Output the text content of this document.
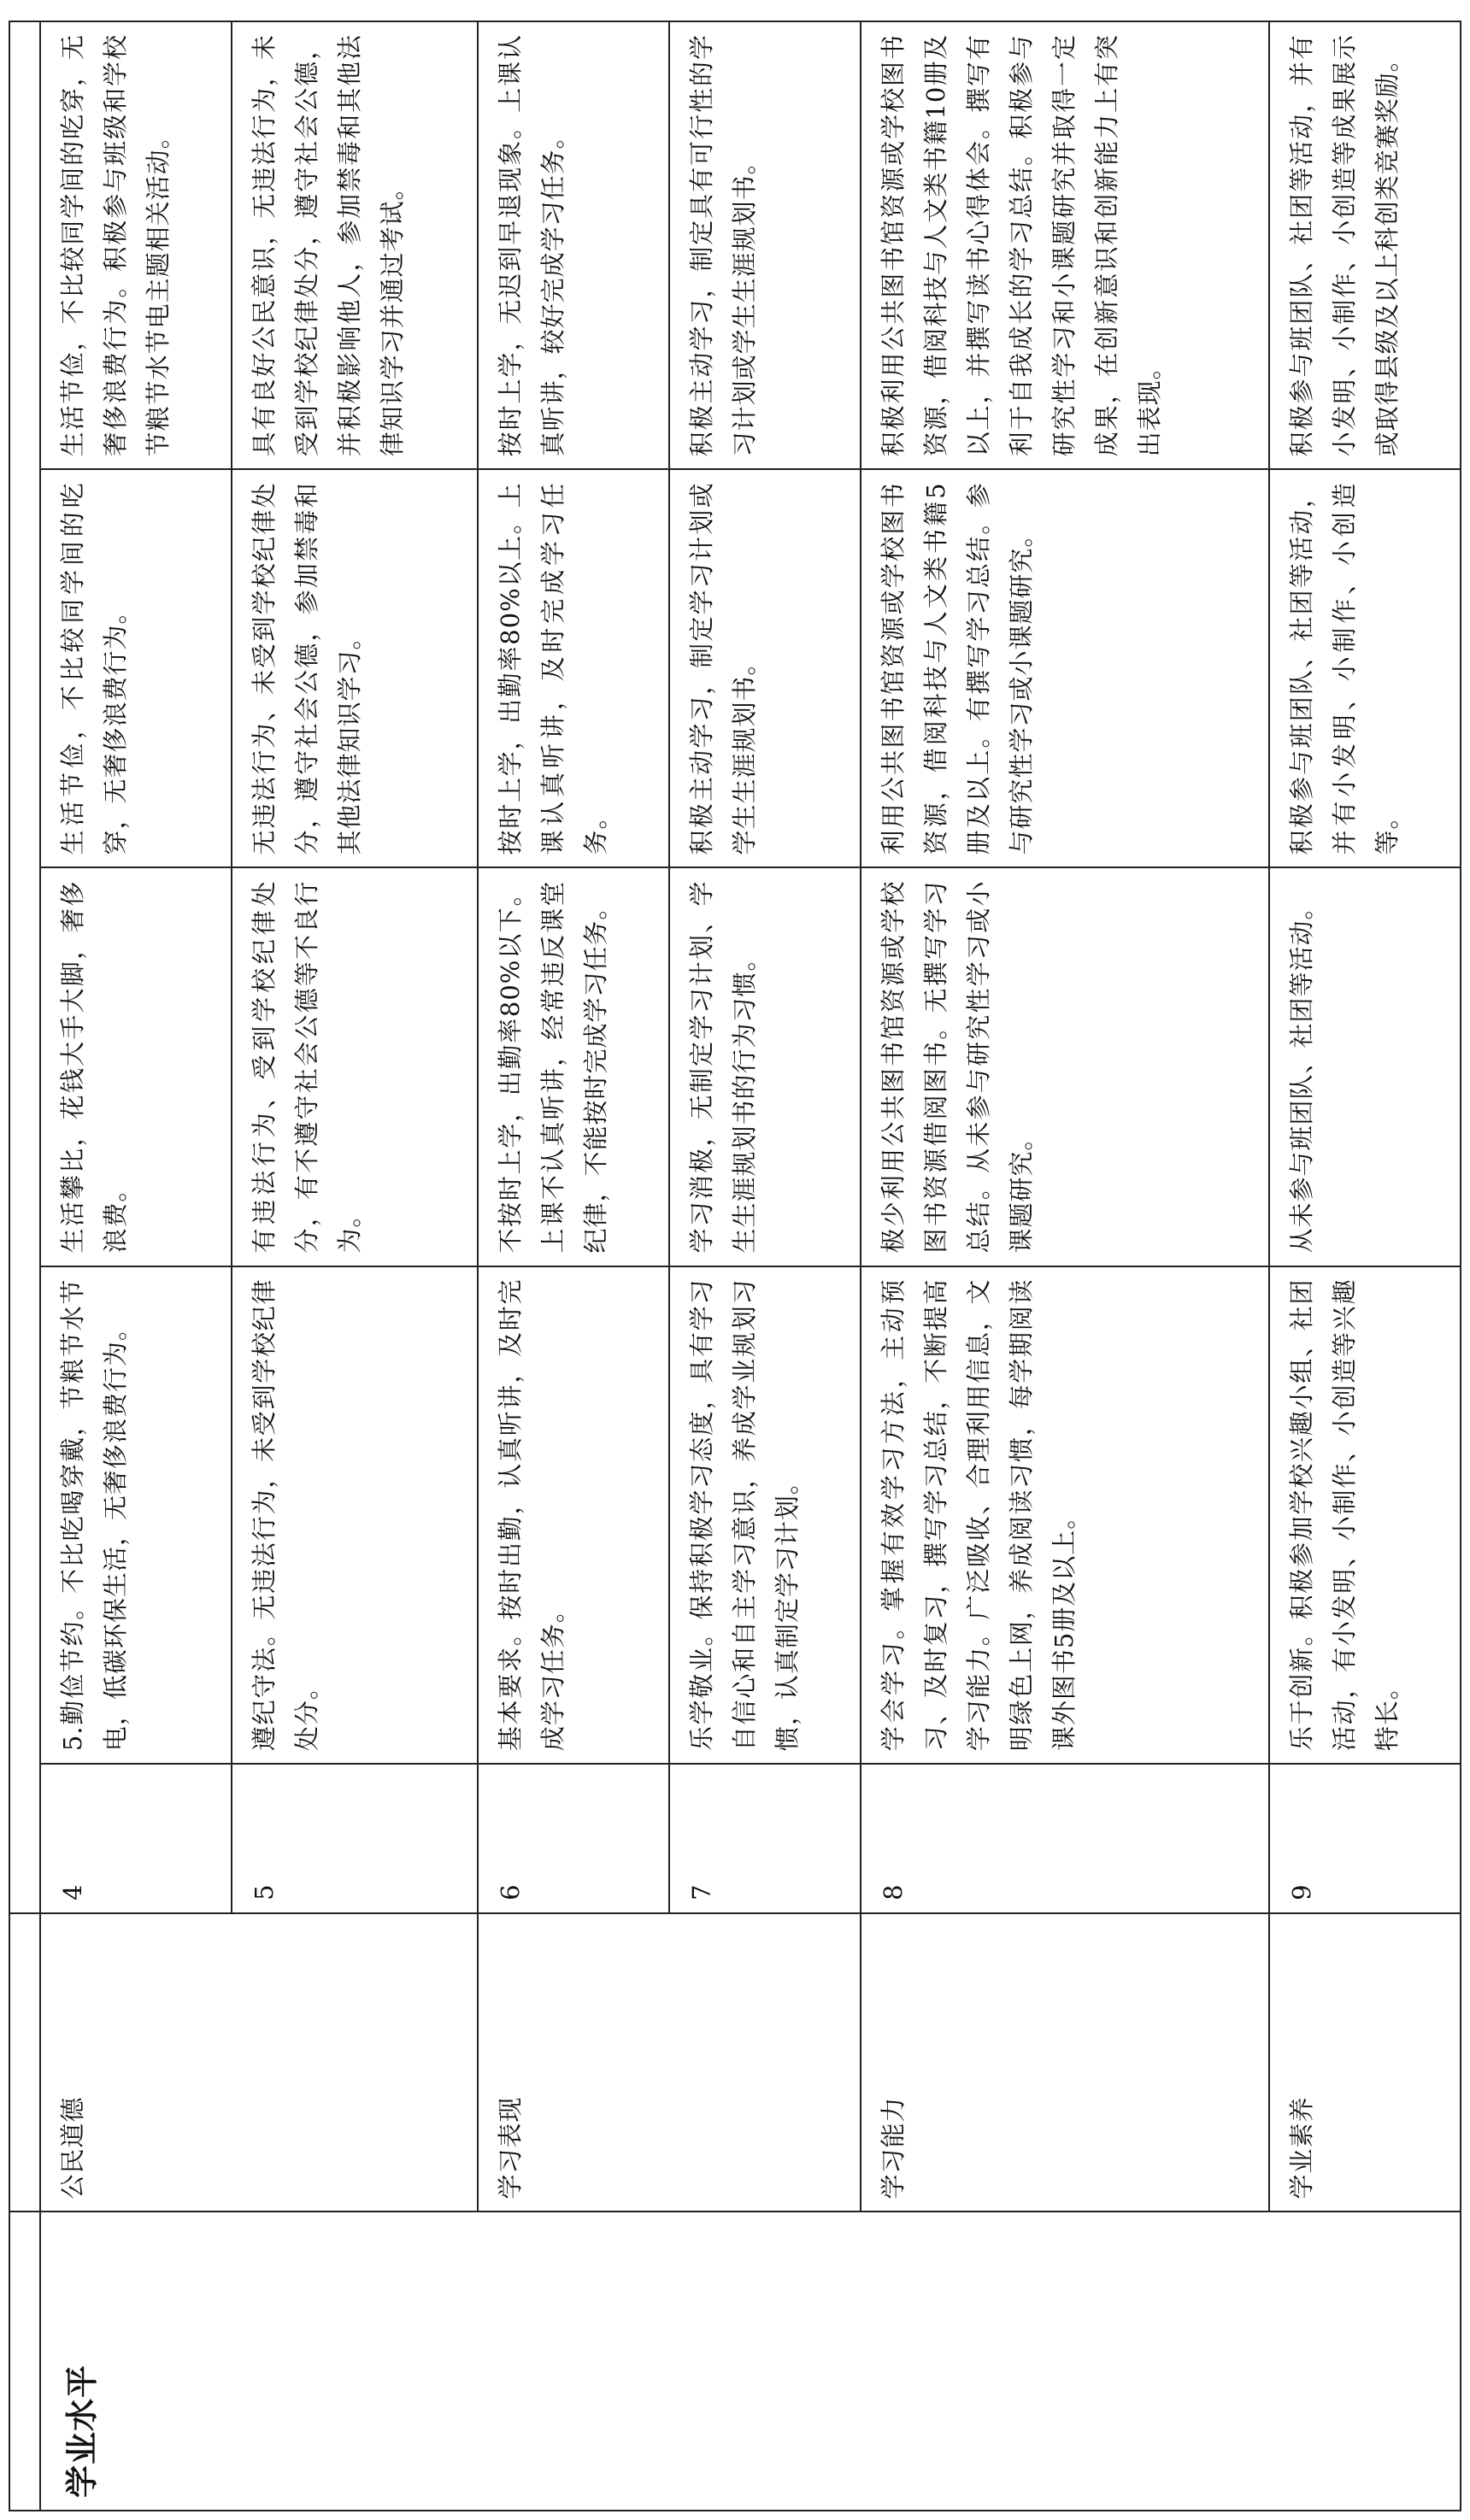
学业水平	公民道德	4	5.勤俭节约。不比吃喝穿戴，节粮节水节电，低碳环保生活，无奢侈浪费行为。	生活攀比，花钱大手大脚，奢侈浪费。	生活节俭，不比较同学间的吃穿，无奢侈浪费行为。	生活节俭，不比较同学间的吃穿，无奢侈浪费行为。积极参与班级和学校节粮节水节电主题相关活动。
		5	遵纪守法。无违法行为，未受到学校纪律处分。	有违法行为、受到学校纪律处分，有不遵守社会公德等不良行为。	无违法行为、未受到学校纪律处分，遵守社会公德，参加禁毒和其他法律知识学习。	具有良好公民意识，无违法行为，未受到学校纪律处分，遵守社会公德，并积极影响他人，参加禁毒和其他法律知识学习并通过考试。
	学习表现	6	基本要求。按时出勤，认真听讲，及时完成学习任务。	不按时上学，出勤率80%以下。上课不认真听讲，经常违反课堂纪律，不能按时完成学习任务。	按时上学，出勤率80%以上。上课认真听讲，及时完成学习任务。	按时上学，无迟到早退现象。上课认真听讲，较好完成学习任务。
		7	乐学敬业。保持积极学习态度，具有学习自信心和自主学习意识，养成学业规划习惯，认真制定学习计划。	学习消极，无制定学习计划、学生生涯规划书的行为习惯。	积极主动学习，制定学习计划或学生生涯规划书。	积极主动学习，制定具有可行性的学习计划或学生生涯规划书。
	学习能力	8	学会学习。掌握有效学习方法，主动预习、及时复习，撰写学习总结，不断提高学习能力。广泛吸收、合理利用信息，文明绿色上网，养成阅读习惯，每学期阅读课外图书5册及以上。	极少利用公共图书馆资源或学校图书资源借阅图书。无撰写学习总结。从未参与研究性学习或小课题研究。	利用公共图书馆资源或学校图书资源，借阅科技与人文类书籍5册及以上。有撰写学习总结。参与研究性学习或小课题研究。	积极利用公共图书馆资源或学校图书资源，借阅科技与人文类书籍10册及以上，并撰写读书心得体会。撰写有利于自我成长的学习总结。积极参与研究性学习和小课题研究并取得一定成果，在创新意识和创新能力上有突出表现。
	学业素养	9	乐于创新。积极参加学校兴趣小组、社团活动，有小发明、小制作、小创造等兴趣特长。	从未参与班团队、社团等活动。	积极参与班团队、社团等活动，并有小发明、小制作、小创造等。	积极参与班团队、社团等活动，并有小发明、小制作、小创造等成果展示或取得县级及以上科创类竞赛奖励。
